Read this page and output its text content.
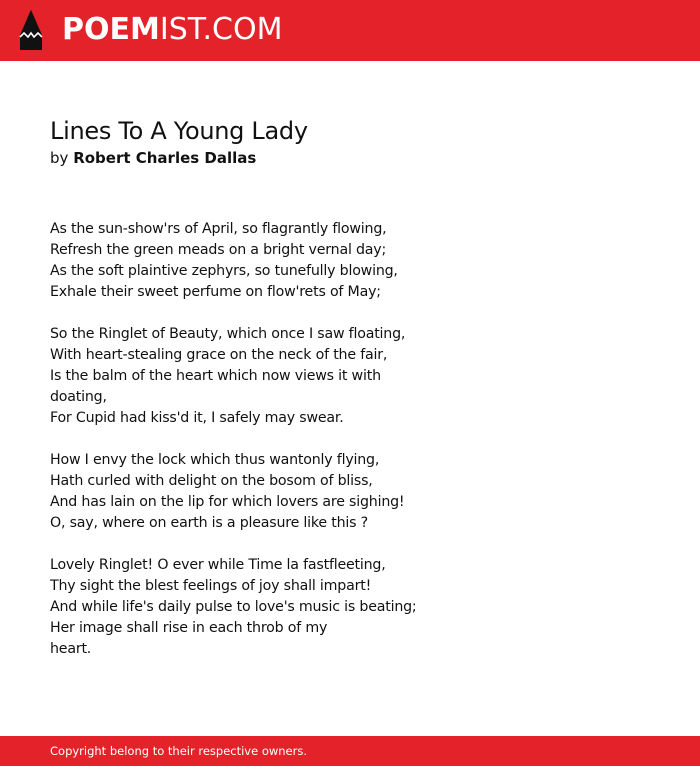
POEMIST.COM
Lines To A Young Lady
by Robert Charles Dallas
As the sun-show'rs of April, so flagrantly flowing,
Refresh the green meads on a bright vernal day;
As the soft plaintive zephyrs, so tunefully blowing,
Exhale their sweet perfume on flow'rets of May;
So the Ringlet of Beauty, which once I saw floating,
With heart-stealing grace on the neck of the fair,
Is the balm of the heart which now views it with
doating,
For Cupid had kiss'd it, I safely may swear.
How I envy the lock which thus wantonly flying,
Hath curled with delight on the bosom of bliss,
And has lain on the lip for which lovers are sighing!
O, say, where on earth is a pleasure like this ?
Lovely Ringlet! O ever while Time la fastfleeting,
Thy sight the blest feelings of joy shall impart!
And while life's daily pulse to love's music is beating;
Her image shall rise in each throb of my
heart.
Copyright belong to their respective owners.
